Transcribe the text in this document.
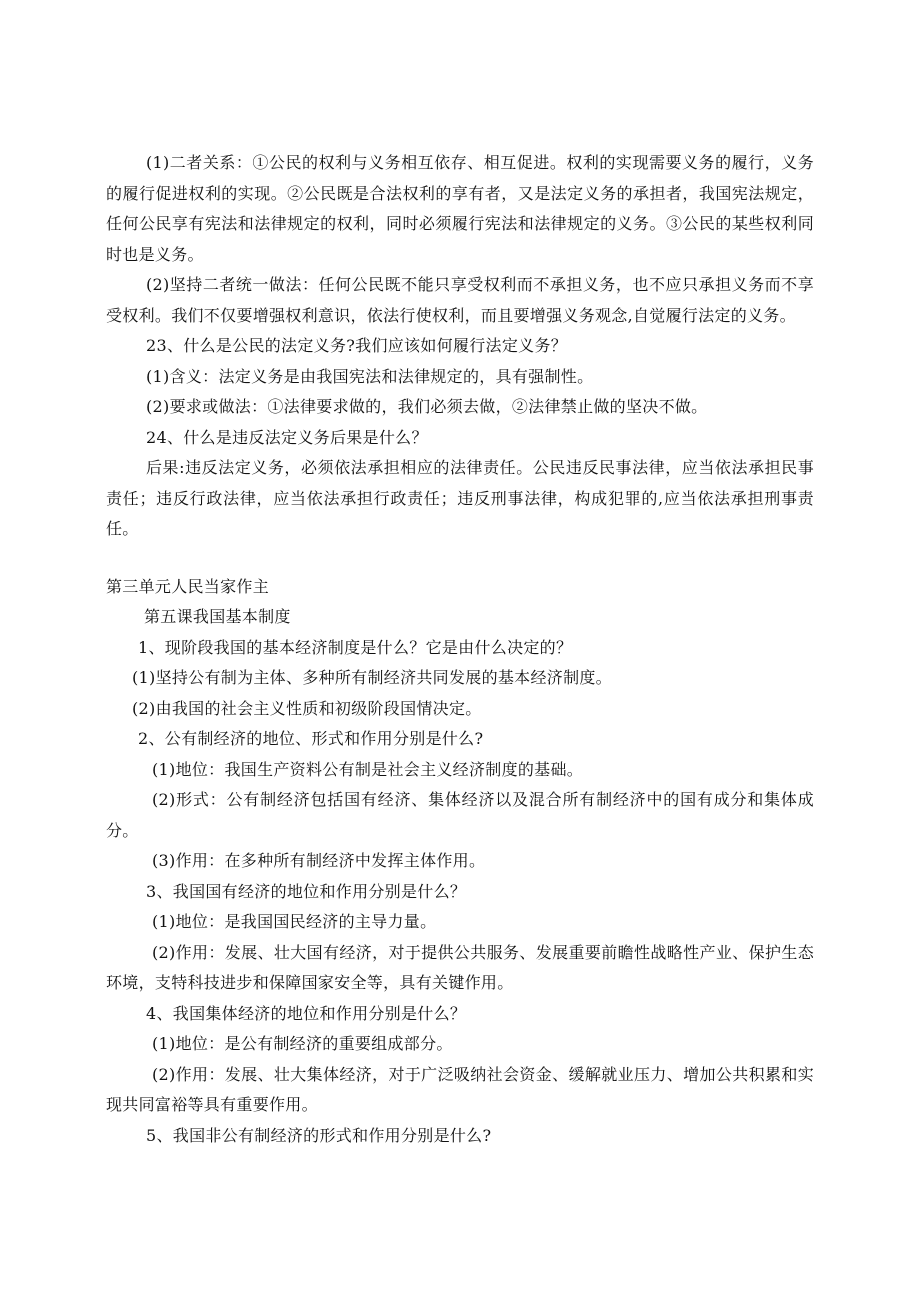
(1)二者关系：①公民的权利与义务相互依存、相互促进。权利的实现需要义务的履行，义务的履行促进权利的实现。②公民既是合法权利的享有者，又是法定义务的承担者，我国宪法规定，任何公民享有宪法和法律规定的权利，同时必须履行宪法和法律规定的义务。③公民的某些权利同时也是义务。

(2)坚持二者统一做法：任何公民既不能只享受权利而不承担义务，也不应只承担义务而不享受权利。我们不仅要增强权利意识，依法行使权利，而且要增强义务观念,自觉履行法定的义务。

23、什么是公民的法定义务?我们应该如何履行法定义务？

(1)含义：法定义务是由我国宪法和法律规定的，具有强制性。

(2)要求或做法：①法律要求做的，我们必须去做，②法律禁止做的坚决不做。

24、什么是违反法定义务后果是什么？

后果:违反法定义务，必须依法承担相应的法律责任。公民违反民事法律，应当依法承担民事责任；违反行政法律，应当依法承担行政责任；违反刑事法律，构成犯罪的,应当依法承担刑事责任。

第三单元人民当家作主

第五课我国基本制度

1、现阶段我国的基本经济制度是什么？它是由什么决定的？

(1)坚持公有制为主体、多种所有制经济共同发展的基本经济制度。

(2)由我国的社会主义性质和初级阶段国情决定。

2、公有制经济的地位、形式和作用分别是什么?

(1)地位：我国生产资料公有制是社会主义经济制度的基础。

(2)形式：公有制经济包括国有经济、集体经济以及混合所有制经济中的国有成分和集体成分。

(3)作用：在多种所有制经济中发挥主体作用。

3、我国国有经济的地位和作用分别是什么？

(1)地位：是我国国民经济的主导力量。

(2)作用：发展、壮大国有经济，对于提供公共服务、发展重要前瞻性战略性产业、保护生态环境，支特科技进步和保障国家安全等，具有关键作用。

4、我国集体经济的地位和作用分别是什么？

(1)地位：是公有制经济的重要组成部分。

(2)作用：发展、壮大集体经济，对于广泛吸纳社会资金、缓解就业压力、增加公共积累和实现共同富裕等具有重要作用。

5、我国非公有制经济的形式和作用分别是什么?
